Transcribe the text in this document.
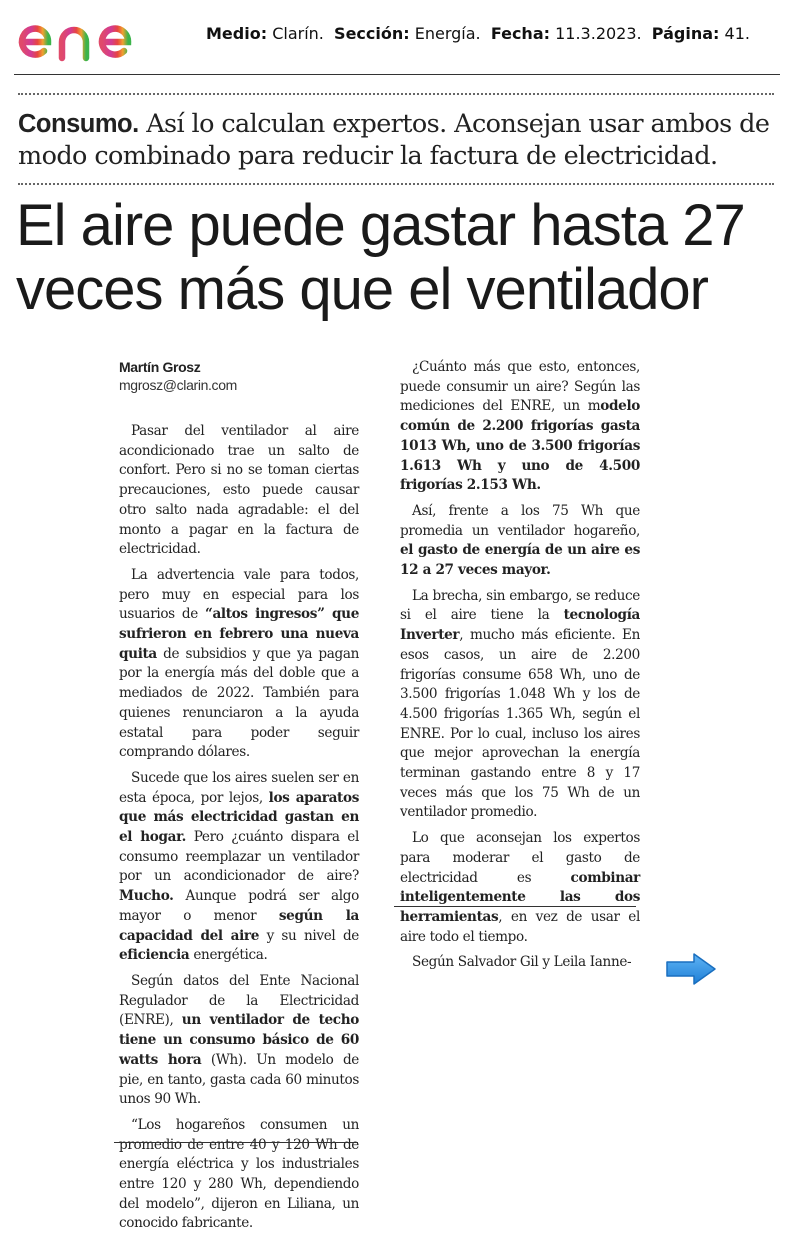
Medio: Clarín. Sección: Energía. Fecha: 11.3.2023. Página: 41.
Consumo. Así lo calculan expertos. Aconsejan usar ambos de modo combinado para reducir la factura de electricidad.
El aire puede gastar hasta 27 veces más que el ventilador

Martín Grosz

mgrosz@clarin.com

Pasar del ventilador al aire acondicionado trae un salto de confort. Pero si no se toman ciertas precauciones, esto puede causar otro salto nada agradable: el del monto a pagar en la factura de electricidad.

La advertencia vale para todos, pero muy en especial para los usuarios de “altos ingresos” que sufrieron en febrero una nueva quita de subsidios y que ya pagan por la energía más del doble que a mediados de 2022. También para quienes renunciaron a la ayuda estatal para poder seguir comprando dólares.

Sucede que los aires suelen ser en esta época, por lejos, los aparatos que más electricidad gastan en el hogar. Pero ¿cuánto dispara el consumo reemplazar un ventilador por un acondicionador de aire? Mucho. Aunque podrá ser algo mayor o menor según la capacidad del aire y su nivel de eficiencia energética.

Según datos del Ente Nacional Regulador de la Electricidad (ENRE), un ventilador de techo tiene un consumo básico de 60 watts hora (Wh). Un modelo de pie, en tanto, gasta cada 60 minutos unos 90 Wh.

“Los hogareños consumen un promedio de entre 40 y 120 Wh de energía eléctrica y los industriales entre 120 y 280 Wh, dependiendo del modelo”, dijeron en Liliana, un conocido fabricante.

¿Cuánto más que esto, entonces, puede consumir un aire? Según las mediciones del ENRE, un modelo común de 2.200 frigorías gasta 1013 Wh, uno de 3.500 frigorías 1.613 Wh y uno de 4.500 frigorías 2.153 Wh.

Así, frente a los 75 Wh que promedia un ventilador hogareño, el gasto de energía de un aire es 12 a 27 veces mayor.

La brecha, sin embargo, se reduce si el aire tiene la tecnología Inverter, mucho más eficiente. En esos casos, un aire de 2.200 frigorías consume 658 Wh, uno de 3.500 frigorías 1.048 Wh y los de 4.500 frigorías 1.365 Wh, según el ENRE. Por lo cual, incluso los aires que mejor aprovechan la energía terminan gastando entre 8 y 17 veces más que los 75 Wh de un ventilador promedio.

Lo que aconsejan los expertos para moderar el gasto de electricidad es combinar inteligentemente las dos herramientas, en vez de usar el aire todo el tiempo.

Según Salvador Gil y Leila Ianne-
